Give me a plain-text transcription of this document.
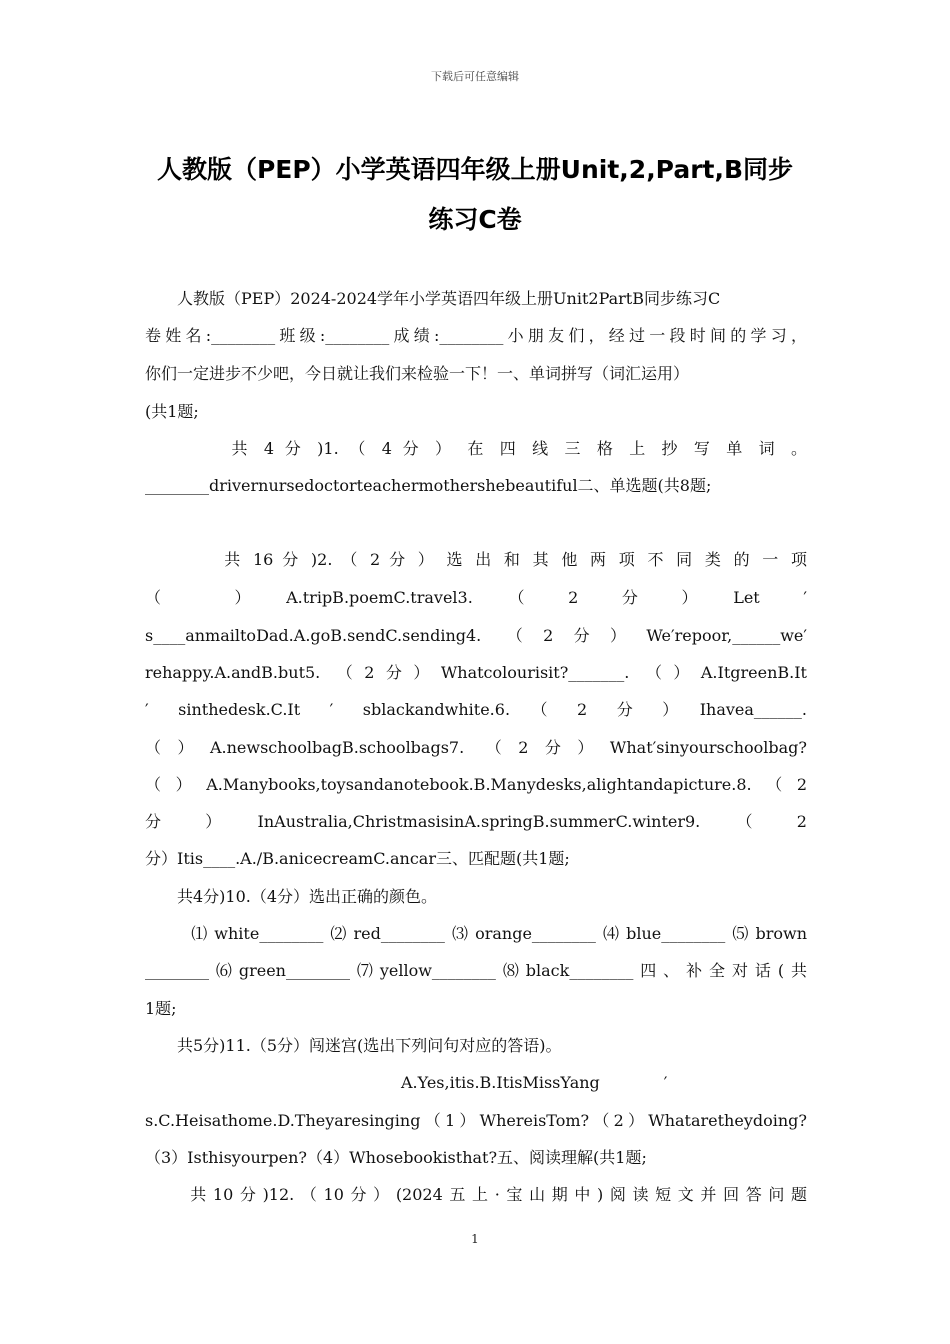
下载后可任意编辑
人教版（PEP）小学英语四年级上册Unit,2,Part,B同步
练习C卷
　　人教版（PEP）2024-2024学年小学英语四年级上册Unit2PartB同步练习C
卷姓名:________班级:________成绩:________小朋友们，经过一段时间的学习，
你们一定进步不少吧，今日就让我们来检验一下！一、单词拼写（词汇运用）
(共1题;
　　　　共 4 分 )1. （ 4 分 ） 在 四 线 三 格 上 抄 写 单 词 。
________drivernursedoctorteachermothershebeautiful二、单选题(共8题;
　　　　共 16 分 )2. （ 2 分 ） 选 出 和 其 他 两 项 不 同 类 的 一 项
（　　）　A.tripB.poemC.travel3.　（　2　分　）　Let　′
s____anmailtoDad.A.goB.sendC.sending4. （2分）We′repoor,______we′
rehappy.A.andB.but5. （2分）Whatcolourisit?_______. （）A.ItgreenB.It
′　sinthedesk.C.It　′　sblackandwhite.6.　（　2　分　）　Ihavea______.
（）A.newschoolbagB.schoolbags7. （2分）What′sinyourschoolbag?
（）A.Manybooks,toysandanotebook.B.Manydesks,alightandapicture.8.（2
分　）　InAustralia,ChristmasisinA.springB.summerC.winter9.　（　2
分）Itis____.A./B.anicecreamC.ancar三、匹配题(共1题;
　　共4分)10.（4分）选出正确的颜色。
　　⑴white________⑵red________⑶orange________⑷blue________⑸brown
________⑹green________⑺yellow________⑻black________四、补全对话(共
1题;
　　共5分)11.（5分）闯迷宫(选出下列问句对应的答语)。
　　　　　　　　　　　　　　　　A.Yes,itis.B.ItisMissYang　　　　′
s.C.Heisathome.D.Theyaresinging（1）WhereisTom?（2）Whataretheydoing?
（3）Isthisyourpen?（4）Whosebookisthat?五、阅读理解(共1题;
　　共10分)12.（10分）(2024五上·宝山期中)阅读短文并回答问题
1
